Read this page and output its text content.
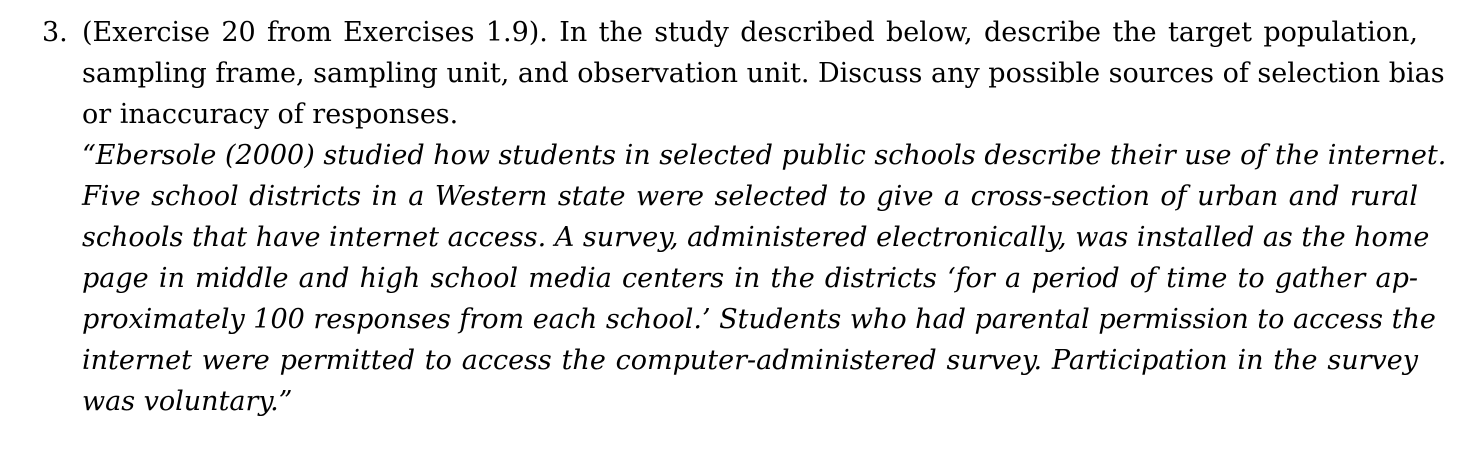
3. (Exercise 20 from Exercises 1.9). In the study described below, describe the target population,
sampling frame, sampling unit, and observation unit. Discuss any possible sources of selection bias
or inaccuracy of responses.
“Ebersole (2000) studied how students in selected public schools describe their use of the internet.
Five school districts in a Western state were selected to give a cross-section of urban and rural
schools that have internet access. A survey, administered electronically, was installed as the home
page in middle and high school media centers in the districts ‘for a period of time to gather ap-
proximately 100 responses from each school.’ Students who had parental permission to access the
internet were permitted to access the computer-administered survey. Participation in the survey
was voluntary.”
